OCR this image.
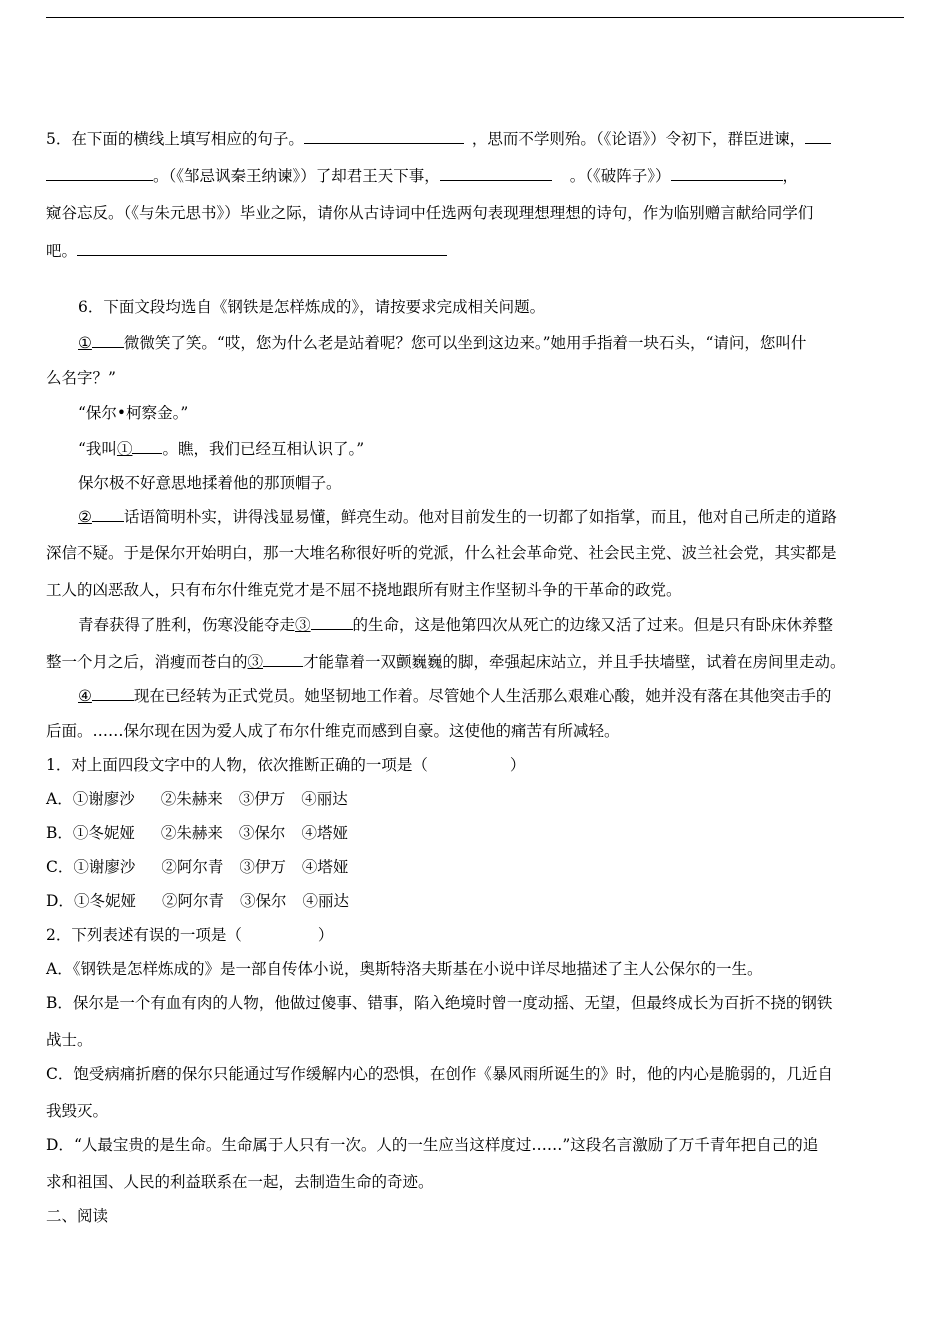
5．在下面的横线上填写相应的句子。	，思而不学则殆。（《论语》）令初下，群臣进谏，
。（《邹忌讽秦王纳谏》）了却君王天下事，	。（《破阵子》）	，
窥谷忘反。（《与朱元思书》）毕业之际，请你从古诗词中任选两句表现理想理想的诗句，作为临别赠言献给同学们
吧。
6．下面文段均选自《钢铁是怎样炼成的》，请按要求完成相关问题。
① 微微笑了笑。“哎，您为什么老是站着呢？您可以坐到这边来。”她用手指着一块石头，“请问，您叫什
么名字？”
“保尔•柯察金。”
“我叫① 。瞧，我们已经互相认识了。”
保尔极不好意思地揉着他的那顶帽子。
② 话语简明朴实，讲得浅显易懂，鲜亮生动。他对目前发生的一切都了如指掌，而且，他对自己所走的道路
深信不疑。于是保尔开始明白，那一大堆名称很好听的党派，什么社会革命党、社会民主党、波兰社会党，其实都是
工人的凶恶敌人，只有布尔什维克党才是不屈不挠地跟所有财主作坚韧斗争的干革命的政党。
青春获得了胜利，伤寒没能夺走③	的生命，这是他第四次从死亡的边缘又活了过来。但是只有卧床休养整
整一个月之后，消瘦而苍白的③	才能靠着一双颤巍巍的脚，牵强起床站立，并且手扶墙壁，试着在房间里走动。
④	现在已经转为正式党员。她坚韧地工作着。尽管她个人生活那么艰难心酸，她并没有落在其他突击手的
后面。……保尔现在因为爱人成了布尔什维克而感到自豪。这使他的痛苦有所减轻。
1．对上面四段文字中的人物，依次推断正确的一项是（	）
A．①谢廖沙 ②朱赫来 ③伊万 ④丽达
B．①冬妮娅 ②朱赫来 ③保尔 ④塔娅
C．①谢廖沙 ②阿尔青 ③伊万 ④塔娅
D．①冬妮娅 ②阿尔青 ③保尔 ④丽达
2．下列表述有误的一项是（	）
A．《钢铁是怎样炼成的》是一部自传体小说，奥斯特洛夫斯基在小说中详尽地描述了主人公保尔的一生。
B．保尔是一个有血有肉的人物，他做过傻事、错事，陷入绝境时曾一度动摇、无望，但最终成长为百折不挠的钢铁
战士。
C．饱受病痛折磨的保尔只能通过写作缓解内心的恐惧，在创作《暴风雨所诞生的》时，他的内心是脆弱的，几近自
我毁灭。
D．“人最宝贵的是生命。生命属于人只有一次。人的一生应当这样度过……”这段名言激励了万千青年把自己的追
求和祖国、人民的利益联系在一起，去制造生命的奇迹。
二、阅读
